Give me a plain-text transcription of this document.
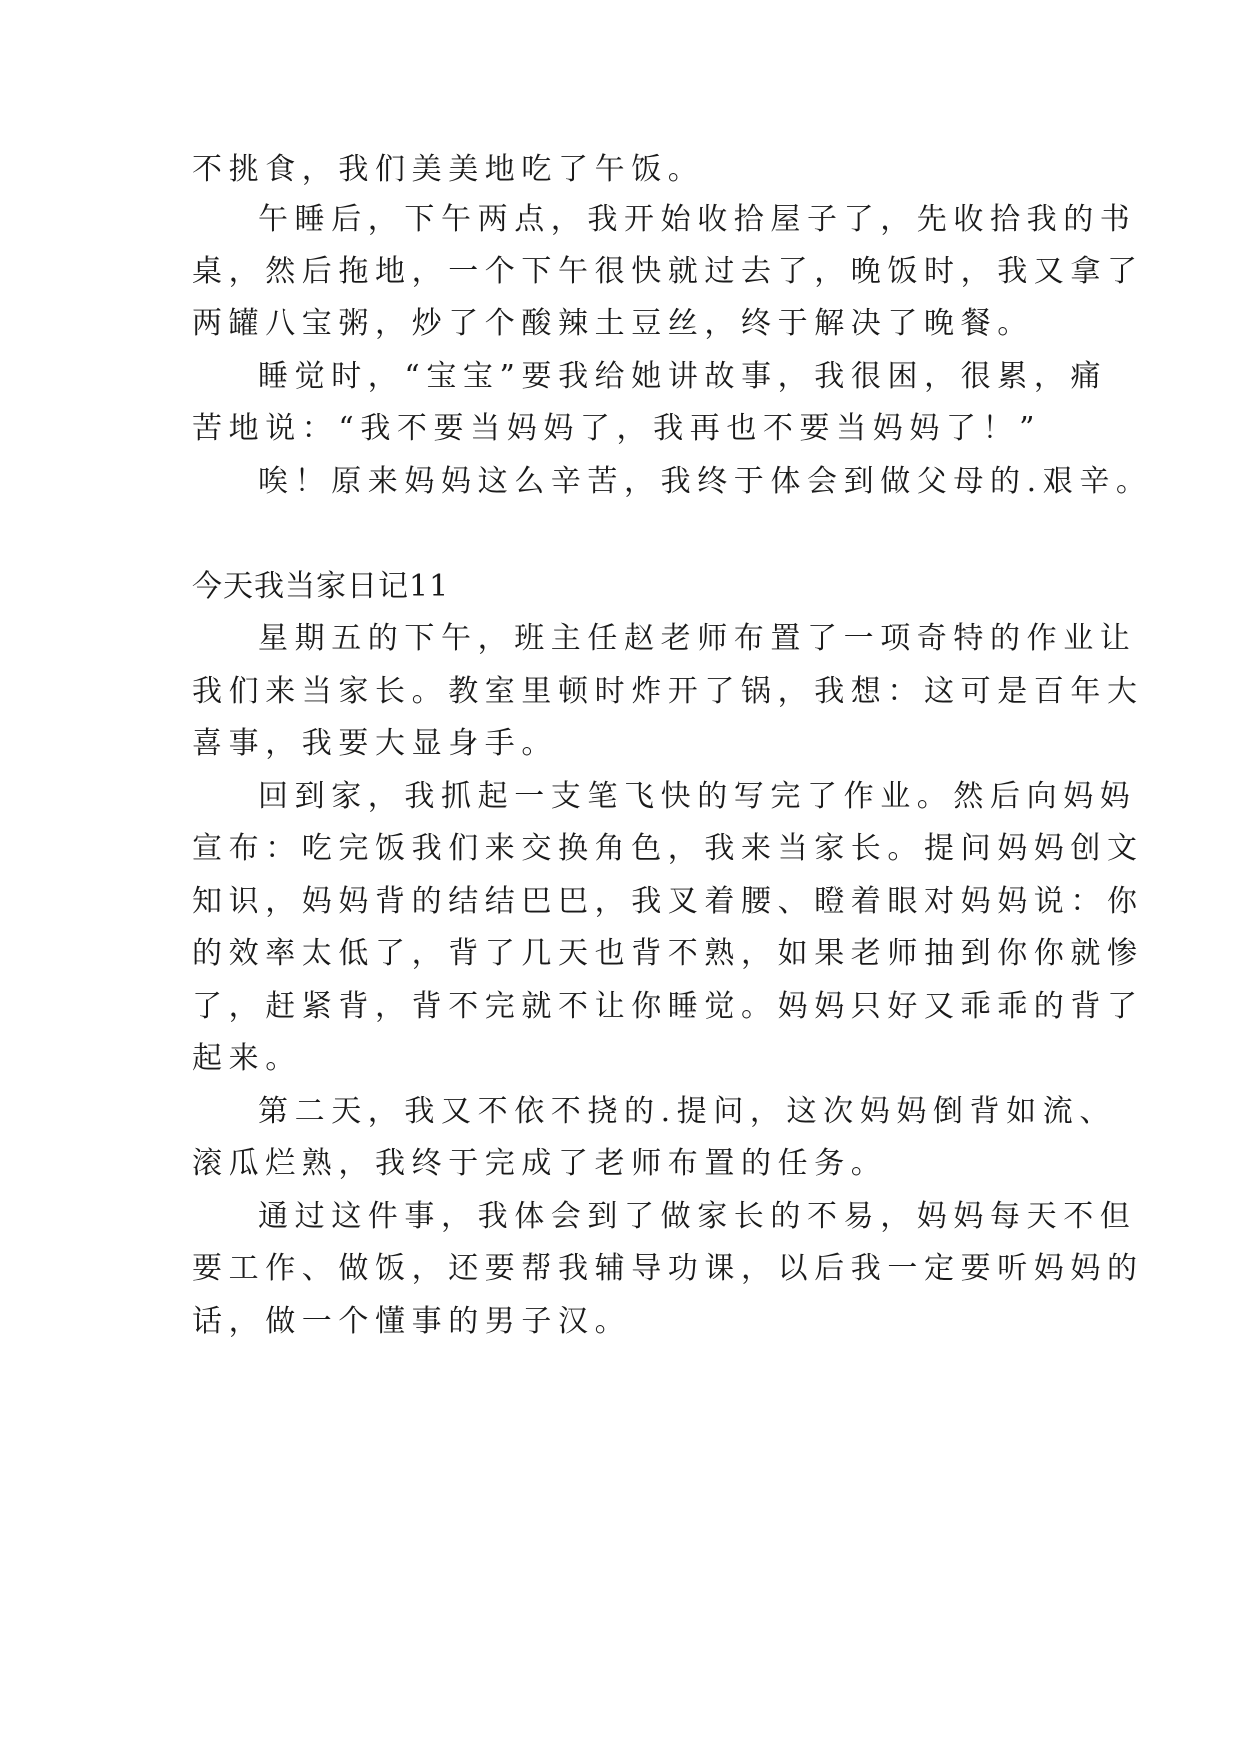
不挑食，我们美美地吃了午饭。

午睡后，下午两点，我开始收拾屋子了，先收拾我的书

桌，然后拖地，一个下午很快就过去了，晚饭时，我又拿了

两罐八宝粥，炒了个酸辣土豆丝，终于解决了晚餐。

睡觉时，“宝宝”要我给她讲故事，我很困，很累，痛

苦地说：“我不要当妈妈了，我再也不要当妈妈了！”

唉！原来妈妈这么辛苦，我终于体会到做父母的.艰辛。

今天我当家日记11

星期五的下午，班主任赵老师布置了一项奇特的作业让

我们来当家长。教室里顿时炸开了锅，我想：这可是百年大

喜事，我要大显身手。

回到家，我抓起一支笔飞快的写完了作业。然后向妈妈

宣布：吃完饭我们来交换角色，我来当家长。提问妈妈创文

知识，妈妈背的结结巴巴，我叉着腰、瞪着眼对妈妈说：你

的效率太低了，背了几天也背不熟，如果老师抽到你你就惨

了，赶紧背，背不完就不让你睡觉。妈妈只好又乖乖的背了

起来。

第二天，我又不依不挠的.提问，这次妈妈倒背如流、

滚瓜烂熟，我终于完成了老师布置的任务。

通过这件事，我体会到了做家长的不易，妈妈每天不但

要工作、做饭，还要帮我辅导功课，以后我一定要听妈妈的

话，做一个懂事的男子汉。
